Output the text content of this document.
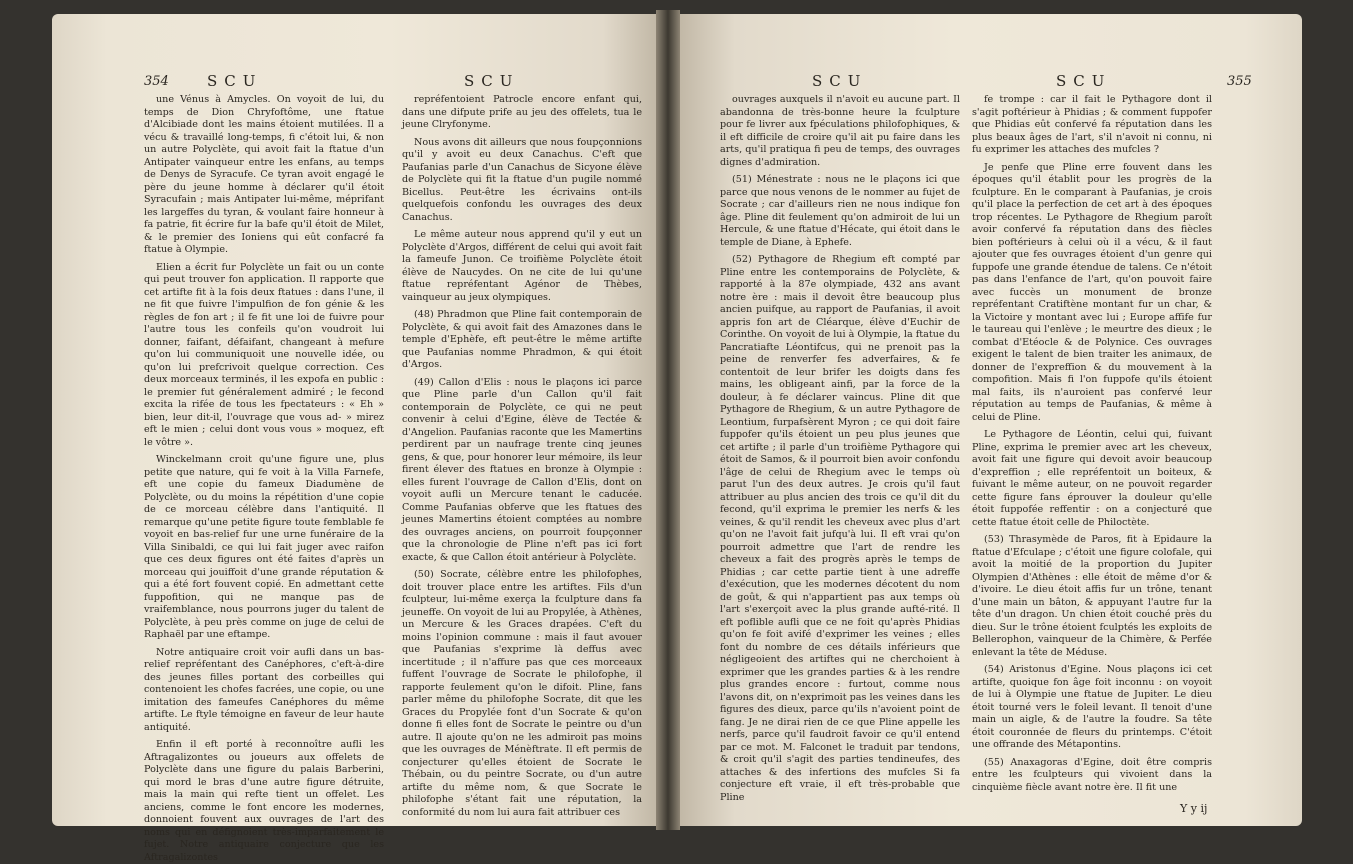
354	SCU	SCU

une Vénus à Amycles. On voyoit de lui, du temps de Dion Chryfoftôme, une ftatue d'Alcibiade dont les mains étoient mutilées. Il a vécu & travaillé long-temps, fi c'étoit lui, & non un autre Polyclète, qui avoit fait la ftatue d'un Antipater vainqueur entre les enfans, au temps de Denys de Syracufe. Ce tyran avoit engagé le père du jeune homme à déclarer qu'il étoit Syracufain ; mais Antipater lui-même, méprifant les largeffes du tyran, & voulant faire honneur à fa patrie, fit écrire fur la bafe qu'il étoit de Milet, & le premier des Ioniens qui eût confacré fa ftatue à Olympie.

Elien a écrit fur Polyclète un fait ou un conte qui peut trouver fon application. Il rapporte que cet artifte fit à la fois deux ftatues : dans l'une, il ne fit que fuivre l'impulfion de fon génie & les règles de fon art ; il fe fit une loi de fuivre pour l'autre tous les confeils qu'on voudroit lui donner, faifant, défaifant, changeant à mefure qu'on lui communiquoit une nouvelle idée, ou qu'on lui prefcrivoit quelque correction. Ces deux morceaux terminés, il les expofa en public : le premier fut généralement admiré ; le fecond excita la rifée de tous les fpectateurs : « Eh » bien, leur dit-il, l'ouvrage que vous ad- » mirez eft le mien ; celui dont vous vous » moquez, eft le vôtre ».

Winckelmann croit qu'une figure une, plus petite que nature, qui fe voit à la Villa Farnefe, eft une copie du fameux Diadumène de Polyclète, ou du moins la répétition d'une copie de ce morceau célèbre dans l'antiquité. Il remarque qu'une petite figure toute femblable fe voyoit en bas-relief fur une urne funéraire de la Villa Sinibaldi, ce qui lui fait juger avec raifon que ces deux figures ont été faites d'après un morceau qui jouiffoit d'une grande réputation & qui a été fort fouvent copié. En admettant cette fuppofition, qui ne manque pas de vraifemblance, nous pourrons juger du talent de Polyclète, à peu près comme on juge de celui de Raphaël par une eftampe.

Notre antiquaire croit voir aufli dans un bas-relief repréfentant des Canéphores, c'eft-à-dire des jeunes filles portant des corbeilles qui contenoient les chofes facrées, une copie, ou une imitation des fameufes Canéphores du même artifte. Le ftyle témoigne en faveur de leur haute antiquité.

Enfin il eft porté à reconnoître aufli les Aftragalizontes ou joueurs aux offelets de Polyclète dans une figure du palais Barberini, qui mord le bras d'une autre figure détruite, mais la main qui refte tient un offelet. Les anciens, comme le font encore les modernes, donnoient fouvent aux ouvrages de l'art des noms qui en défignoient très-imparfaitement le fujet. Notre antiquaire conjecture que les Aftragalizontes

repréfentoient Patrocle encore enfant qui, dans une difpute prife au jeu des offelets, tua le jeune Clryfonyme.

Nous avons dit ailleurs que nous foupçonnions qu'il y avoit eu deux Canachus. C'eft que Paufanias parle d'un Canachus de Sicyone élève de Polyclète qui fit la ftatue d'un pugile nommé Bicellus. Peut-être les écrivains ont-ils quelquefois confondu les ouvrages des deux Canachus.

Le même auteur nous apprend qu'il y eut un Polyclète d'Argos, différent de celui qui avoit fait la fameufe Junon. Ce troifième Polyclète étoit élève de Naucydes. On ne cite de lui qu'une ftatue repréfentant Agénor de Thèbes, vainqueur au jeux olympiques.

(48) Phradmon que Pline fait contemporain de Polyclète, & qui avoit fait des Amazones dans le temple d'Ephèfe, eft peut-être le même artifte que Paufanias nomme Phradmon, & qui étoit d'Argos.

(49) Callon d'Elis : nous le plaçons ici parce que Pline parle d'un Callon qu'il fait contemporain de Polyclète, ce qui ne peut convenir à celui d'Egine, élève de Tectée & d'Angelion. Paufanias raconte que les Mamertins perdirent par un naufrage trente cinq jeunes gens, & que, pour honorer leur mémoire, ils leur firent élever des ftatues en bronze à Olympie : elles furent l'ouvrage de Callon d'Elis, dont on voyoit aufli un Mercure tenant le caducée. Comme Paufanias obferve que les ftatues des jeunes Mamertins étoient comptées au nombre des ouvrages anciens, on pourroit foupçonner que la chronologie de Pline n'eft pas ici fort exacte, & que Callon étoit antérieur à Polyclète.

(50) Socrate, célèbre entre les philofophes, doit trouver place entre les artiftes. Fils d'un fculpteur, lui-même exerça la fculpture dans fa jeuneffe. On voyoit de lui au Propylée, à Athènes, un Mercure & les Graces drapées. C'eft du moins l'opinion commune : mais il faut avouer que Paufanias s'exprime là deffus avec incertitude ; il n'affure pas que ces morceaux fuffent l'ouvrage de Socrate le philofophe, il rapporte feulement qu'on le difoit. Pline, fans parler même du philofophe Socrate, dit que les Graces du Propylée font d'un Socrate & qu'on donne fi elles font de Socrate le peintre ou d'un autre. Il ajoute qu'on ne les admiroit pas moins que les ouvrages de Ménèftrate. Il eft permis de conjecturer qu'elles étoient de Socrate le Thébain, ou du peintre Socrate, ou d'un autre artifte du même nom, & que Socrate le philofophe s'étant fait une réputation, la conformité du nom lui aura fait attribuer ces

SCU	SCU	355

ouvrages auxquels il n'avoit eu aucune part. Il abandonna de très-bonne heure la fculpture pour fe livrer aux fpéculations philofophiques, & il eft difficile de croire qu'il ait pu faire dans les arts, qu'il pratiqua fi peu de temps, des ouvrages dignes d'admiration.

(51) Ménestrate : nous ne le plaçons ici que parce que nous venons de le nommer au fujet de Socrate ; car d'ailleurs rien ne nous indique fon âge. Pline dit feulement qu'on admiroit de lui un Hercule, & une ftatue d'Hécate, qui étoit dans le temple de Diane, à Ephefe.

(52) Pythagore de Rhegium eft compté par Pline entre les contemporains de Polyclète, & rapporté à la 87e olympiade, 432 ans avant notre ère : mais il devoit être beaucoup plus ancien puifque, au rapport de Paufanias, il avoit appris fon art de Cléarque, élève d'Euchir de Corinthe. On voyoit de lui à Olympie, la ftatue du Pancratiafte Léontifcus, qui ne prenoit pas la peine de renverfer fes adverfaires, & fe contentoit de leur brifer les doigts dans fes mains, les obligeant ainfi, par la force de la douleur, à fe déclarer vaincus. Pline dit que Pythagore de Rhegium, & un autre Pythagore de Leontium, furpafsèrent Myron ; ce qui doit faire fuppofer qu'ils étoient un peu plus jeunes que cet artifte ; il parle d'un troifième Pythagore qui étoit de Samos, & il pourroit bien avoir confondu l'âge de celui de Rhegium avec le temps où parut l'un des deux autres. Je crois qu'il faut attribuer au plus ancien des trois ce qu'il dit du fecond, qu'il exprima le premier les nerfs & les veines, & qu'il rendit les cheveux avec plus d'art qu'on ne l'avoit fait jufqu'à lui. Il eft vrai qu'on pourroit admettre que l'art de rendre les cheveux a fait des progrès après le temps de Phidias ; car cette partie tient à une adreffe d'exécution, que les modernes décotent du nom de goût, & qui n'appartient pas aux temps où l'art s'exerçoit avec la plus grande aufté-rité. Il eft poflible aufli que ce ne foit qu'après Phidias qu'on fe foit avifé d'exprimer les veines ; elles font du nombre de ces détails inférieurs que négligeoient des artiftes qui ne cherchoient à exprimer que les grandes parties & à les rendre plus grandes encore : furtout, comme nous l'avons dit, on n'exprimoit pas les veines dans les figures des dieux, parce qu'ils n'avoient point de fang. Je ne dirai rien de ce que Pline appelle les nerfs, parce qu'il faudroit favoir ce qu'il entend par ce mot. M. Falconet le traduit par tendons, & croit qu'il s'agit des parties tendineufes, des attaches & des infertions des mufcles Si fa conjecture eft vraie, il eft très-probable que Pline

fe trompe : car il fait le Pythagore dont il s'agit poftérieur à Phidias ; & comment fuppofer que Phidias eût confervé fa réputation dans les plus beaux âges de l'art, s'il n'avoit ni connu, ni fu exprimer les attaches des mufcles ?

Je penfe que Pline erre fouvent dans les époques qu'il établit pour les progrès de la fculpture. En le comparant à Paufanias, je crois qu'il place la perfection de cet art à des époques trop récentes. Le Pythagore de Rhegium paroît avoir confervé fa réputation dans des fiècles bien poftérieurs à celui où il a vécu, & il faut ajouter que fes ouvrages étoient d'un genre qui fuppofe une grande étendue de talens. Ce n'étoit pas dans l'enfance de l'art, qu'on pouvoit faire avec fuccès un monument de bronze repréfentant Cratiftène montant fur un char, & la Victoire y montant avec lui ; Europe affife fur le taureau qui l'enlève ; le meurtre des dieux ; le combat d'Etéocle & de Polynice. Ces ouvrages exigent le talent de bien traiter les animaux, de donner de l'expreffion & du mouvement à la compofition. Mais fi l'on fuppofe qu'ils étoient mal faits, ils n'auroient pas confervé leur réputation au temps de Paufanias, & même à celui de Pline.

Le Pythagore de Léontin, celui qui, fuivant Pline, exprima le premier avec art les cheveux, avoit fait une figure qui devoit avoir beaucoup d'expreffion ; elle repréfentoit un boiteux, & fuivant le même auteur, on ne pouvoit regarder cette figure fans éprouver la douleur qu'elle étoit fuppofée reffentir : on a conjecturé que cette ftatue étoit celle de Philoctète.

(53) Thrasymède de Paros, fit à Epidaure la ftatue d'Efculape ; c'étoit une figure colofale, qui avoit la moitié de la proportion du Jupiter Olympien d'Athènes : elle étoit de même d'or & d'ivoire. Le dieu étoit affis fur un trône, tenant d'une main un bâton, & appuyant l'autre fur la tête d'un dragon. Un chien étoit couché près du dieu. Sur le trône étoient fculptés les exploits de Bellerophon, vainqueur de la Chimère, & Perfée enlevant la tête de Méduse.

(54) Aristonus d'Egine. Nous plaçons ici cet artifte, quoique fon âge foit inconnu : on voyoit de lui à Olympie une ftatue de Jupiter. Le dieu étoit tourné vers le foleil levant. Il tenoit d'une main un aigle, & de l'autre la foudre. Sa tête étoit couronnée de fleurs du printemps. C'étoit une offrande des Métapontins.

(55) Anaxagoras d'Egine, doit être compris entre les fculpteurs qui vivoient dans la cinquième fiècle avant notre ère. Il fit une

Y y ij
